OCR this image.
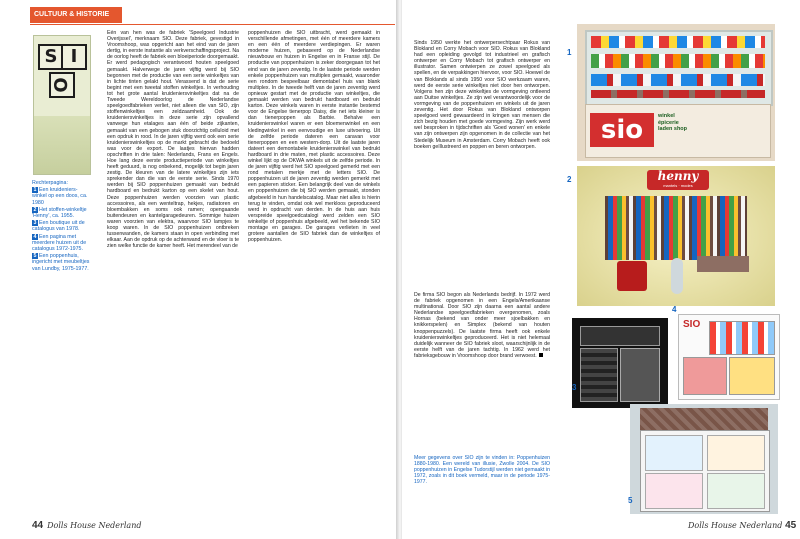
CULTUUR & HISTORIE
S I
O
Rechterpagina:
1 Een kruideniers-winkel op een doos, ca. 1980
2 Het stoffen-winkeltje 'Henny', ca. 1955.
3 Een boutique uit de catalogus van 1978.
4 Een pagina met meerdere huizen uit de catalogus 1972-1975.
5 Een poppenhuis, ingericht met meubeltjes van Lundby, 1975-1977.

Eén van hen was de fabriek 'Speelgoed Industrie Overijssel', merknaam SIO. Deze fabriek, gevestigd in Vroomshoop, was opgericht aan het eind van de jaren dertig, in eerste instantie als verkverschaffingsproject. Na de oorlog heeft de fabriek een bloeiperiode doorgemaakt. Er werd pedagogisch verantwoord houten speelgoed gemaakt. Halverwege de jaren vijftig werd bij SIO begonnen met de productie van een serie winkeltjes van in lichte tinten gelakt hout. Verassend is dat de serie begint met een tweetal stoffen winkeltjes. In verhouding tot het grote aantal kruideniersvinkeltjes dat na de Tweede Wereldoorlog de Nederlandse speelgoedfabrieken verliet, niet alleen die van SIO, zijn stoffenwinkeltjes een zeldzaamheid. Ook de kruideniersvinkeltjes in deze serie zijn opvallend vanwege hun etalages aan één of beide zijkanten, gemaakt van een gebogen stuk doorzichtig celluloid met een opdruk in rood. In de jaren vijftig werd ook een serie kruidenierswinkeltjes op de markt gebracht die bedoeld was voor de export. De laatjes hiervan hadden opschriften in drie talen: Nederlands, Frans en Engels. Hoe lang deze eerste productieperiode van winkeltjes heeft geduurd, is nog onbekend, mogelijk tot begin jaren zestig. De kleuren van de latere winkeltjes zijn iets sprekender dan die van de eerste serie. Sinds 1970 werden bij SIO poppenhuizen gemaakt van bedrukt hardboard en bedrukt karton op een skelet van hout. Deze poppenhuizen werden voorzien van plastic accessoires, als een wenteltrap, hekjes, radiatoren en bloembakken en soms ook ramen; opengaande buitendeuren en kantelgaragedeuren. Sommige huizen waren voorzien van elektra, waarvoor SIO lampjes te koop waren. In de SIO poppenhuizen ontbreken tussenwanden, de kamers staan in open verbinding met elkaar. Aan de opdruk op de achterwand en de vloer is te zien welke functie de kamer heeft. Het merendeel van de

poppenhuizen die SIO uitbracht, werd gemaakt in verschillende afmetingen, met één of meerdere kamers en een één of meerdere verdiepingen. Er waren moderne huizen, gebaseerd op de Nederlandse nieuwbouw en huizen in Engelse en in Franse stijl. De productie van poppenhuizen is zeker doorgegaan tot het eind van de jaren zeventig. In de laatste periode werden enkele poppenhuizen van multiplex gemaakt, waaronder een rondom bespeelbaar demontabel huis van blank multiplex. In de tweede helft van de jaren zeventig werd opnieuw gestart met de productie van winkeltjes, die gemaakt werden van bedrukt hardboard en bedrukt karton. Deze winkels waren in eerste instantie bestemd voor de Engelse tienerpop Daisy, die net iets kleiner is dan tienerpoppen als Barbie. Behalve een kruidenierswinkel waren er een bloemenwinkel en een kledingwinkel in een eenvoudige en luxe uitvoering. Uit de zelfde periode dateren een caravan voor tienerpoppen en een western-dorp. Uit de laatste jaren dateert een demontabele kruidenierswinkel van bedrukt hardboard in drie maten, met plastic accessoires. Deze winkel lijkt op de OKWA winkels uit de zelfde periode. In de jaren vijftig werd het SIO speelgoed gemerkt met een rond metalen merkje met de letters SIO. De poppenhuizen uit de jaren zeventig werden gemerkt met een papieren sticker. Een belangrijk deel van de winkels en poppenhuizen die bij SIO werden gemaakt, stonden afgebeeld in hun handelscatalog. Maar niet alles is hierin terug te vinden, omdat ook wel merkloos geproduceerd werd in opdracht van derden. In de huis aan huis verspreide speelgoedcatalogi werd zelden een SIO winkeltje of poppenhuis afgebeeld, wel het bekende SIO montage en garages. De garages verlieten in veel grotere aantallen de SIO fabriek dan de winkeltjes of poppenhuizen.

44 Dolls House Nederland

Sinds 1950 werkte het ontwerpersechtpaar Rokus van Blokland en Corry Mobach voor SIO. Rokus van Blokland had een opleiding gevolgd tot industrieel en grafisch ontwerper en Corry Mobach tot grafisch ontwerper en illustrator. Samen ontwierpen ze zowel speelgoed als spellen, en de verpakkingen hiervoor, voor SIO. Hoewel de van Bloklands al sinds 1950 voor SIO werkzaam waren, werd de eerste serie winkeltjes niet door hen ontworpen. Volgens hen zijn deze winkeltjes de vormgeving ontleend aan Duitse winkeltjes. Ze zijn wel verantwoordelijk voor de vormgeving van de poppenhuizen en winkels uit de jaren zeventig. Het door Rokus van Blokland ontworpen speelgoed werd gewaardeerd in kringen van mensen die zich bezig houden met goede vormgeving. Zijn werk werd wel besproken in tijdschriften als 'Goed wonen' en enkele van zijn ontwerpen zijn opgenomen in de collectie van het Stedelijk Museum in Amsterdam. Corry Mobach heeft ook boeken geïllustreerd en poppen en beren ontworpen.

De firma SIO begon als Nederlands bedrijf. In 1972 werd de fabriek opgenomen in een Engels/Amerikaanse multinational. Door SIO zijn daarna een aantal andere Nederlandse speelgoedfabrieken overgenomen, zoals Hornas (bekend van onder meer sjoelbakken en knikkerspelen) en Simplex (bekend van houten knoppenpuzzels). De laatste firma heeft ook enkele kruidenierswinkeltjes geproduceerd. Het is niet helemaal duidelijk wanneer de SIO fabriek sloot, waarschijnlijk in de eerste helft van de jaren tachtig. In 1962 werd het fabrieksgebouw in Vroomshoop door brand verwoest.

Meer gegevens over SIO zijn te vinden in: Poppenhuizen 1880-1980. Een wereld van illusie, Zwolle 2004. De SIO poppenhuizen in Engelse Tudorstijl werden niet gemaakt in 1972, zoals in dit boek vermeld, maar in de periode 1975-1977.

sio	winkel épicerie laden shop
1
henny
mantels · modes
2
3
SIO
4
5
Dolls House Nederland 45
